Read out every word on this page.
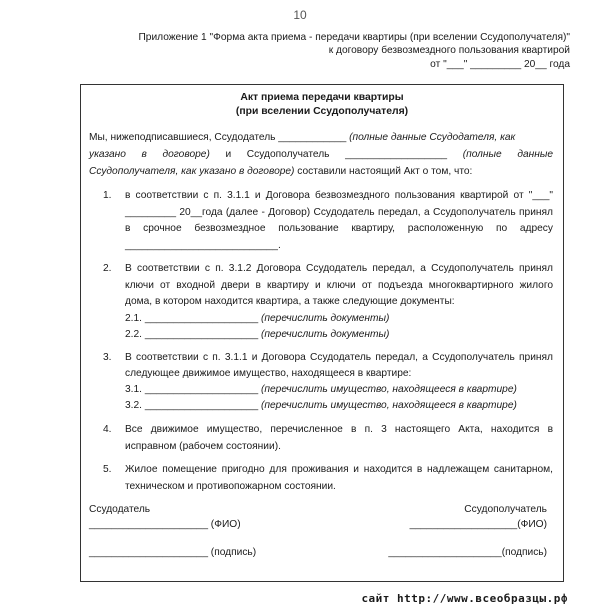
10
Приложение 1 "Форма акта приема - передачи квартиры (при вселении Ссудополучателя)"
к договору безвозмездного пользования квартирой
от "___" _________ 20__ года
Акт приема передачи квартиры
(при вселении Ссудополучателя)
Мы, нижеподписавшиеся, Ссудодатель ____________ (полные данные Ссудодателя, как
указано в договоре) и Ссудополучатель __________________ (полные данные
Ссудополучателя, как указано в договоре) составили настоящий Акт о том, что:
1. в соответствии с п. 3.1.1 и Договора безвозмездного пользования квартирой от "___"
_________ 20__года (далее - Договор) Ссудодатель передал, а Ссудополучатель принял
в срочное безвозмездное пользование квартиру, расположенную по адресу
___________________________.
2. В соответствии с п. 3.1.2 Договора Ссудодатель передал, а Ссудополучатель принял
ключи от входной двери в квартиру и ключи от подъезда многоквартирного жилого
дома, в котором находится квартира, а также следующие документы:
2.1. ____________________ (перечислить документы)
2.2. ____________________ (перечислить документы)
3. В соответствии с п. 3.1.1 и Договора Ссудодатель передал, а Ссудополучатель принял
следующее движимое имущество, находящееся в квартире:
3.1. ____________________ (перечислить имущество, находящееся в квартире)
3.2. ____________________ (перечислить имущество, находящееся в квартире)
4. Все движимое имущество, перечисленное в п. 3 настоящего Акта, находится в
исправном (рабочем состоянии).
5. Жилое помещение пригодно для проживания и находится в надлежащем санитарном,
техническом и противопожарном состоянии.
Ссудодатель	Ссудополучатель
_____________________ (ФИО)	___________________(ФИО)
_____________________ (подпись)	____________________(подпись)
сайт http://www.всеобразцы.рф
